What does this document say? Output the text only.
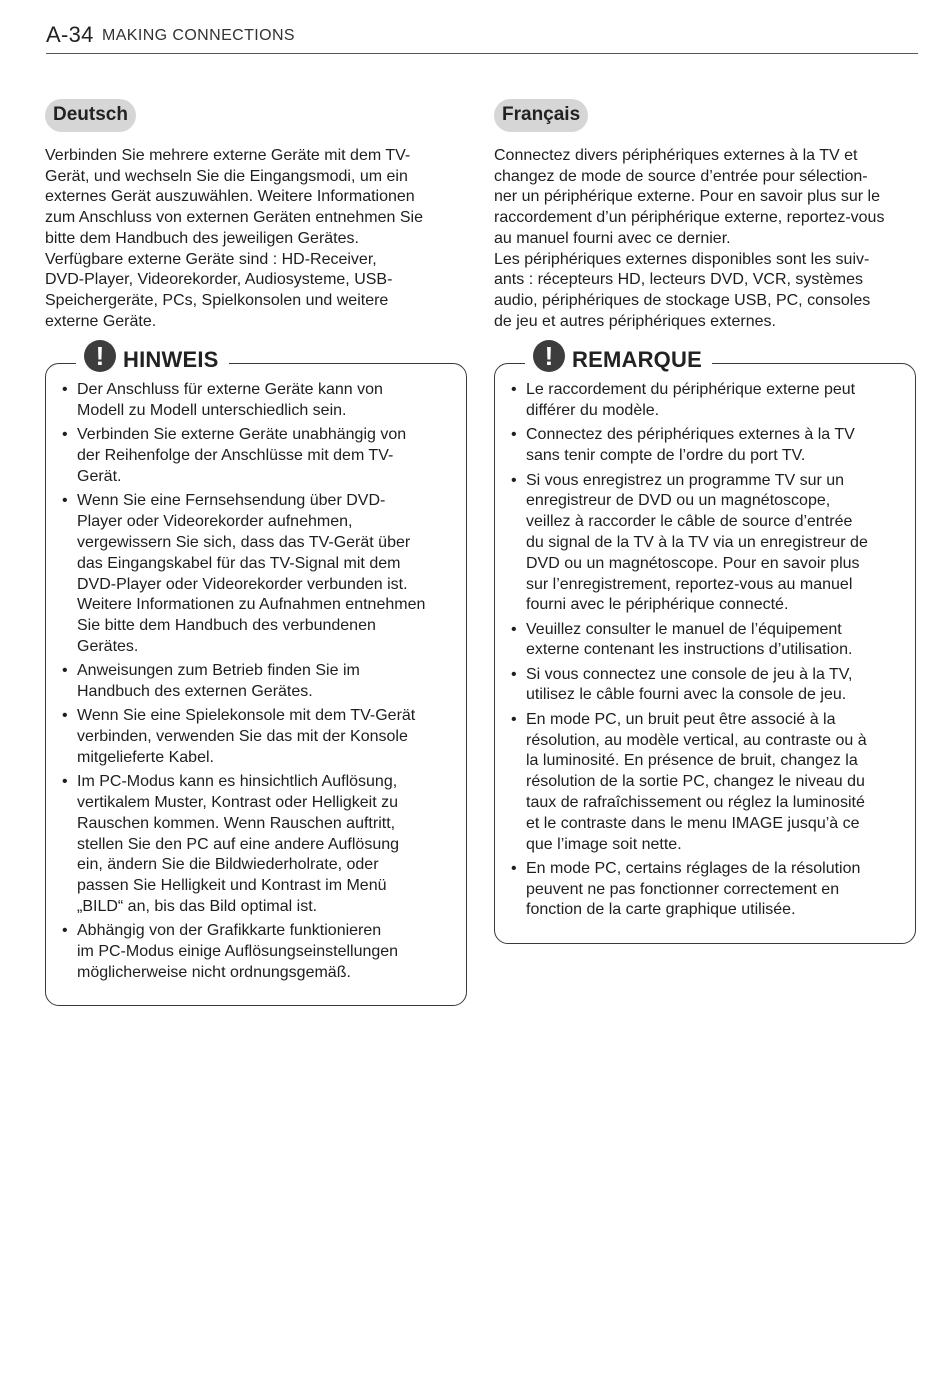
A-34 MAKING CONNECTIONS
Deutsch
Verbinden Sie mehrere externe Geräte mit dem TV-
Gerät, und wechseln Sie die Eingangsmodi, um ein
externes Gerät auszuwählen. Weitere Informationen
zum Anschluss von externen Geräten entnehmen Sie
bitte dem Handbuch des jeweiligen Gerätes.
Verfügbare externe Geräte sind : HD-Receiver,
DVD-Player, Videorekorder, Audiosysteme, USB-
Speichergeräte, PCs, Spielkonsolen und weitere
externe Geräte.
! HINWEIS
• Der Anschluss für externe Geräte kann von
Modell zu Modell unterschiedlich sein.
• Verbinden Sie externe Geräte unabhängig von
der Reihenfolge der Anschlüsse mit dem TV-
Gerät.
• Wenn Sie eine Fernsehsendung über DVD-
Player oder Videorekorder aufnehmen,
vergewissern Sie sich, dass das TV-Gerät über
das Eingangskabel für das TV-Signal mit dem
DVD-Player oder Videorekorder verbunden ist.
Weitere Informationen zu Aufnahmen entnehmen
Sie bitte dem Handbuch des verbundenen
Gerätes.
• Anweisungen zum Betrieb finden Sie im
Handbuch des externen Gerätes.
• Wenn Sie eine Spielekonsole mit dem TV-Gerät
verbinden, verwenden Sie das mit der Konsole
mitgelieferte Kabel.
• Im PC-Modus kann es hinsichtlich Auflösung,
vertikalem Muster, Kontrast oder Helligkeit zu
Rauschen kommen. Wenn Rauschen auftritt,
stellen Sie den PC auf eine andere Auflösung
ein, ändern Sie die Bildwiederholrate, oder
passen Sie Helligkeit und Kontrast im Menü
„BILD“ an, bis das Bild optimal ist.
• Abhängig von der Grafikkarte funktionieren
im PC-Modus einige Auflösungseinstellungen
möglicherweise nicht ordnungsgemäß.
Français
Connectez divers périphériques externes à la TV et
changez de mode de source d’entrée pour sélection-
ner un périphérique externe. Pour en savoir plus sur le
raccordement d’un périphérique externe, reportez-vous
au manuel fourni avec ce dernier.
Les périphériques externes disponibles sont les suiv-
ants : récepteurs HD, lecteurs DVD, VCR, systèmes
audio, périphériques de stockage USB, PC, consoles
de jeu et autres périphériques externes.
! REMARQUE
• Le raccordement du périphérique externe peut
différer du modèle.
• Connectez des périphériques externes à la TV
sans tenir compte de l’ordre du port TV.
• Si vous enregistrez un programme TV sur un
enregistreur de DVD ou un magnétoscope,
veillez à raccorder le câble de source d’entrée
du signal de la TV à la TV via un enregistreur de
DVD ou un magnétoscope. Pour en savoir plus
sur l’enregistrement, reportez-vous au manuel
fourni avec le périphérique connecté.
• Veuillez consulter le manuel de l’équipement
externe contenant les instructions d’utilisation.
• Si vous connectez une console de jeu à la TV,
utilisez le câble fourni avec la console de jeu.
• En mode PC, un bruit peut être associé à la
résolution, au modèle vertical, au contraste ou à
la luminosité. En présence de bruit, changez la
résolution de la sortie PC, changez le niveau du
taux de rafraîchissement ou réglez la luminosité
et le contraste dans le menu IMAGE jusqu’à ce
que l’image soit nette.
• En mode PC, certains réglages de la résolution
peuvent ne pas fonctionner correctement en
fonction de la carte graphique utilisée.
